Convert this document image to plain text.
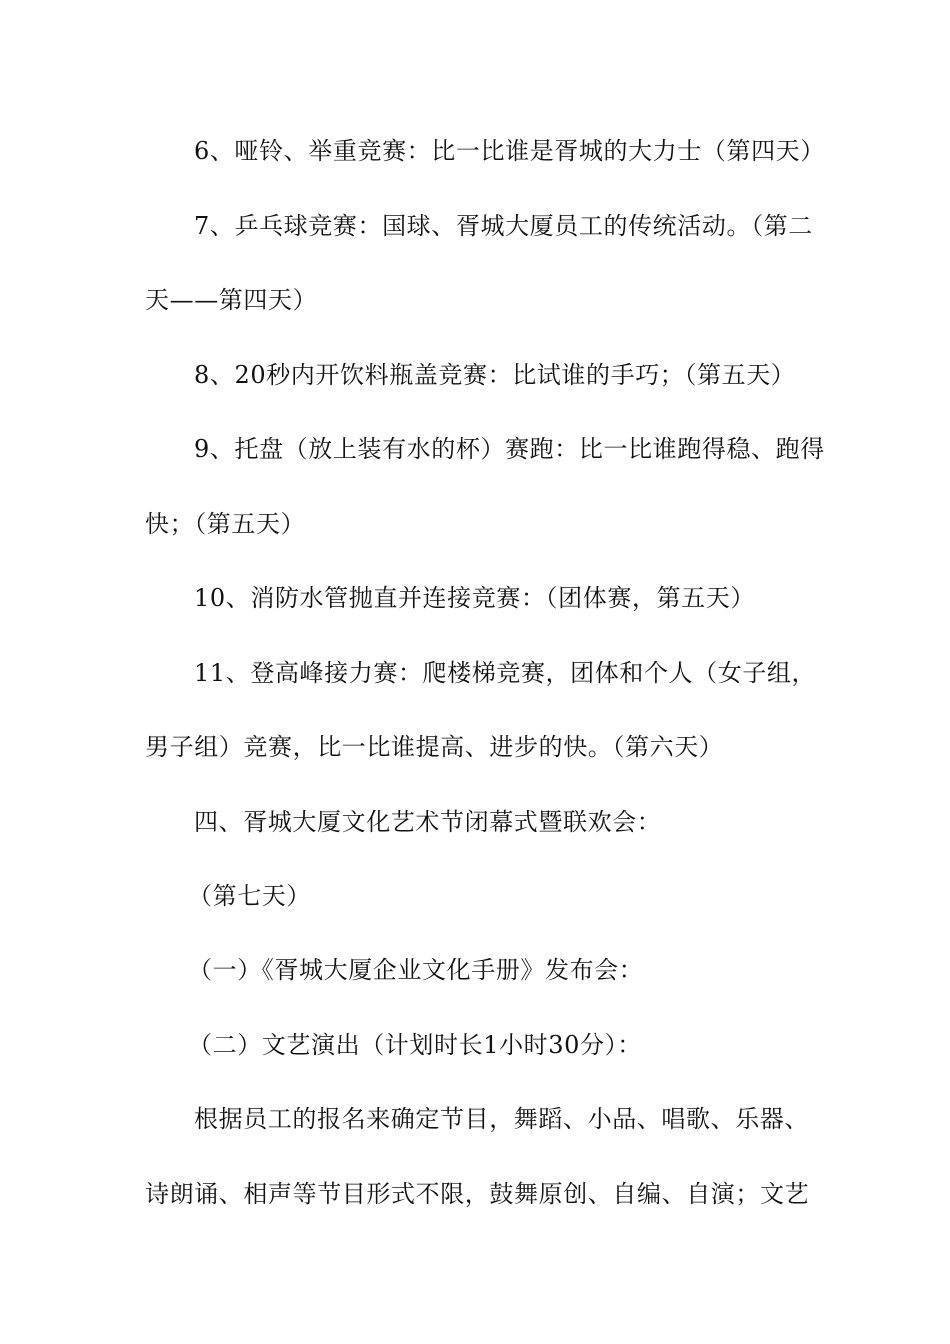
6、哑铃、举重竞赛：比一比谁是胥城的大力士（第四天）
7、乒乓球竞赛：国球、胥城大厦员工的传统活动。（第二
天——第四天）
8、20秒内开饮料瓶盖竞赛：比试谁的手巧；（第五天）
9、托盘（放上装有水的杯）赛跑：比一比谁跑得稳、跑得
快；（第五天）
10、消防水管抛直并连接竞赛：（团体赛，第五天）
11、登高峰接力赛：爬楼梯竞赛，团体和个人（女子组，
男子组）竞赛，比一比谁提高、进步的快。（第六天）
四、胥城大厦文化艺术节闭幕式暨联欢会：
（第七天）
（一）《胥城大厦企业文化手册》发布会：
（二）文艺演出（计划时长1小时30分）：
根据员工的报名来确定节目，舞蹈、小品、唱歌、乐器、
诗朗诵、相声等节目形式不限，鼓舞原创、自编、自演；文艺
